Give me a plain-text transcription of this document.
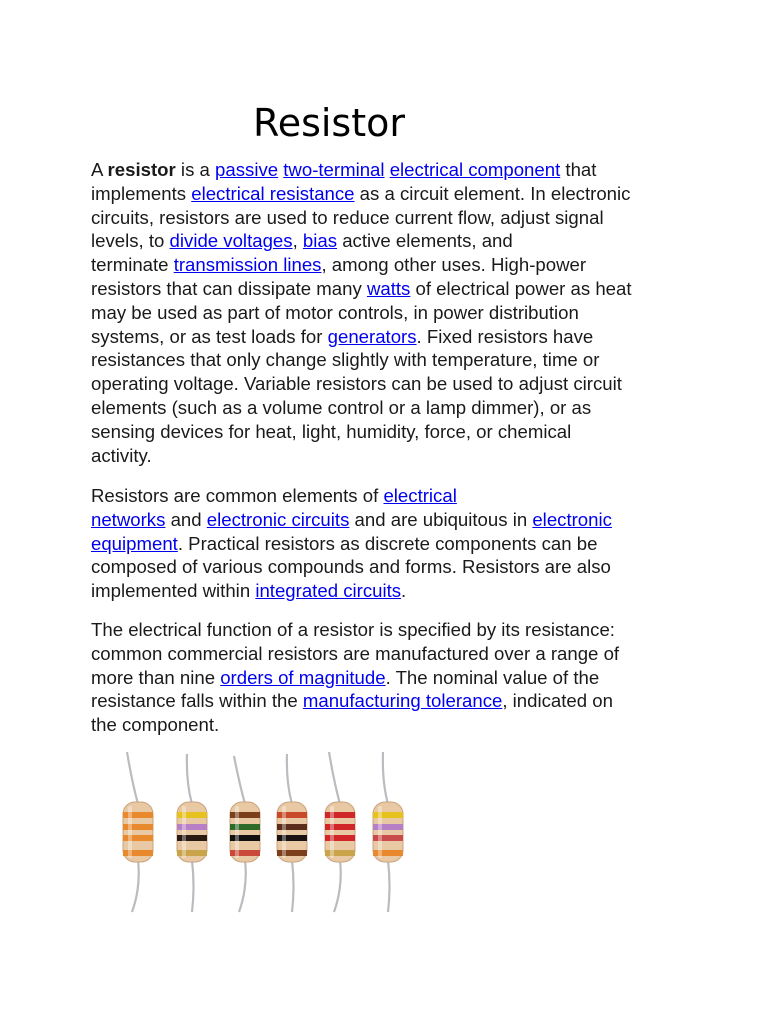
Resistor

A resistor is a passive two-terminal electrical component that
implements electrical resistance as a circuit element. In electronic
circuits, resistors are used to reduce current flow, adjust signal
levels, to divide voltages, bias active elements, and
terminate transmission lines, among other uses. High-power
resistors that can dissipate many watts of electrical power as heat
may be used as part of motor controls, in power distribution
systems, or as test loads for generators. Fixed resistors have
resistances that only change slightly with temperature, time or
operating voltage. Variable resistors can be used to adjust circuit
elements (such as a volume control or a lamp dimmer), or as
sensing devices for heat, light, humidity, force, or chemical
activity.

Resistors are common elements of electrical
networks and electronic circuits and are ubiquitous in electronic
equipment. Practical resistors as discrete components can be
composed of various compounds and forms. Resistors are also
implemented within integrated circuits.

The electrical function of a resistor is specified by its resistance:
common commercial resistors are manufactured over a range of
more than nine orders of magnitude. The nominal value of the
resistance falls within the manufacturing tolerance, indicated on
the component.
